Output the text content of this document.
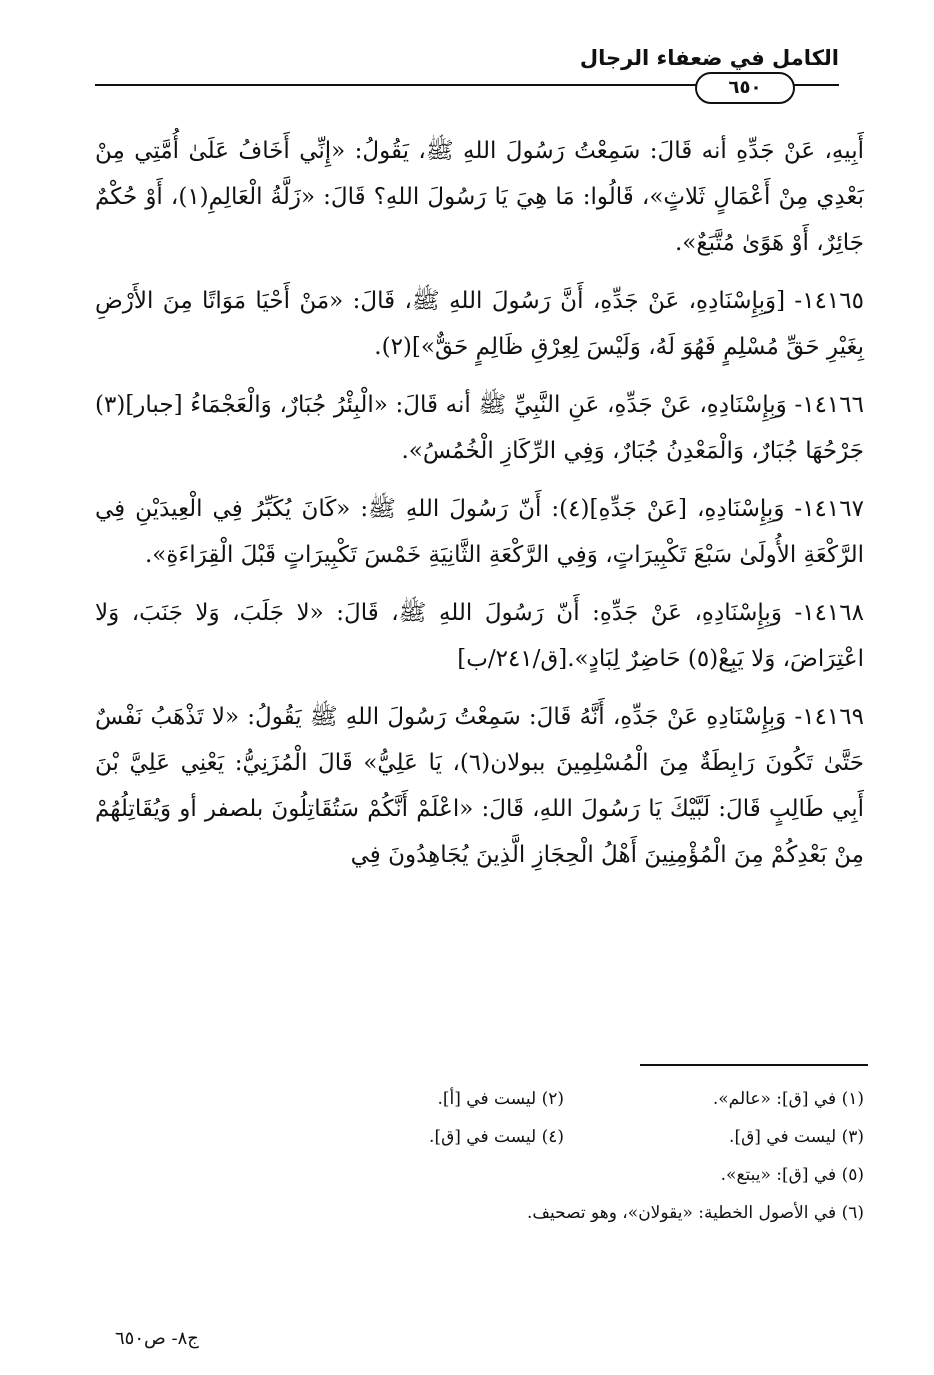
الكامل في ضعفاء الرجال
٦٥٠

أَبِيهِ، عَنْ جَدِّهِ أنه قَالَ: سَمِعْتُ رَسُولَ اللهِ ﷺ، يَقُولُ: «إِنِّي أَخَافُ عَلَىٰ أُمَّتِي مِنْ بَعْدِي مِنْ أَعْمَالٍ ثَلاثٍ»، قَالُوا: مَا هِيَ يَا رَسُولَ اللهِ؟ قَالَ: «زَلَّةُ الْعَالِمِ(١)، أَوْ حُكْمٌ جَائِرٌ، أَوْ هَوًىٰ مُتَّبَعٌ».

١٤١٦٥- [وَبِإِسْنَادِهِ، عَنْ جَدِّهِ، أَنَّ رَسُولَ اللهِ ﷺ، قَالَ: «مَنْ أَحْيَا مَوَاتًا مِنَ الأَرْضِ بِغَيْرِ حَقِّ مُسْلِمٍ فَهُوَ لَهُ، وَلَيْسَ لِعِرْقِ ظَالِمٍ حَقٌّ»](٢).

١٤١٦٦- وَبِإِسْنَادِهِ، عَنْ جَدِّهِ، عَنِ النَّبِيِّ ﷺ أنه قَالَ: «الْبِئْرُ جُبَارٌ، وَالْعَجْمَاءُ [جبار](٣) جَرْحُهَا جُبَارٌ، وَالْمَعْدِنُ جُبَارٌ، وَفِي الرِّكَازِ الْخُمُسُ».

١٤١٦٧- وَبِإِسْنَادِهِ، [عَنْ جَدِّهِ](٤): أَنّ رَسُولَ اللهِ ﷺ: «كَانَ يُكَبِّرُ فِي الْعِيدَيْنِ فِي الرَّكْعَةِ الأُولَىٰ سَبْعَ تَكْبِيرَاتٍ، وَفِي الرَّكْعَةِ الثَّانِيَةِ خَمْسَ تَكْبِيرَاتٍ قَبْلَ الْقِرَاءَةِ».

١٤١٦٨- وَبِإِسْنَادِهِ، عَنْ جَدِّهِ: أَنّ رَسُولَ اللهِ ﷺ، قَالَ: «لا جَلَبَ، وَلا جَنَبَ، وَلا اعْتِرَاضَ، وَلا يَبِعْ(٥) حَاضِرٌ لِبَادٍ».[ق/٢٤١/ب]

١٤١٦٩- وَبِإِسْنَادِهِ عَنْ جَدِّهِ، أَنَّهُ قَالَ: سَمِعْتُ رَسُولَ اللهِ ﷺ يَقُولُ: «لا تَذْهَبُ نَفْسٌ حَتَّىٰ تَكُونَ رَابِطَةٌ مِنَ الْمُسْلِمِينَ ببولان(٦)، يَا عَلِيُّ» قَالَ الْمُزَنِيُّ: يَعْنِي عَلِيَّ بْنَ أَبِي طَالِبٍ قَالَ: لَبَّيْكَ يَا رَسُولَ اللهِ، قَالَ: «اعْلَمْ أَنَّكُمْ سَتُقَاتِلُونَ بلصفر أو وَيُقَاتِلُهُمْ مِنْ بَعْدِكُمْ مِنَ الْمُؤْمِنِينَ أَهْلُ الْحِجَازِ الَّذِينَ يُجَاهِدُونَ فِي

(١) في [ق]: «عالم».
(٢) ليست في [أ].
(٣) ليست في [ق].
(٤) ليست في [ق].
(٥) في [ق]: «يبتع».
(٦) في الأصول الخطية: «يقولان»، وهو تصحيف.
ج٨- ص٦٥٠
